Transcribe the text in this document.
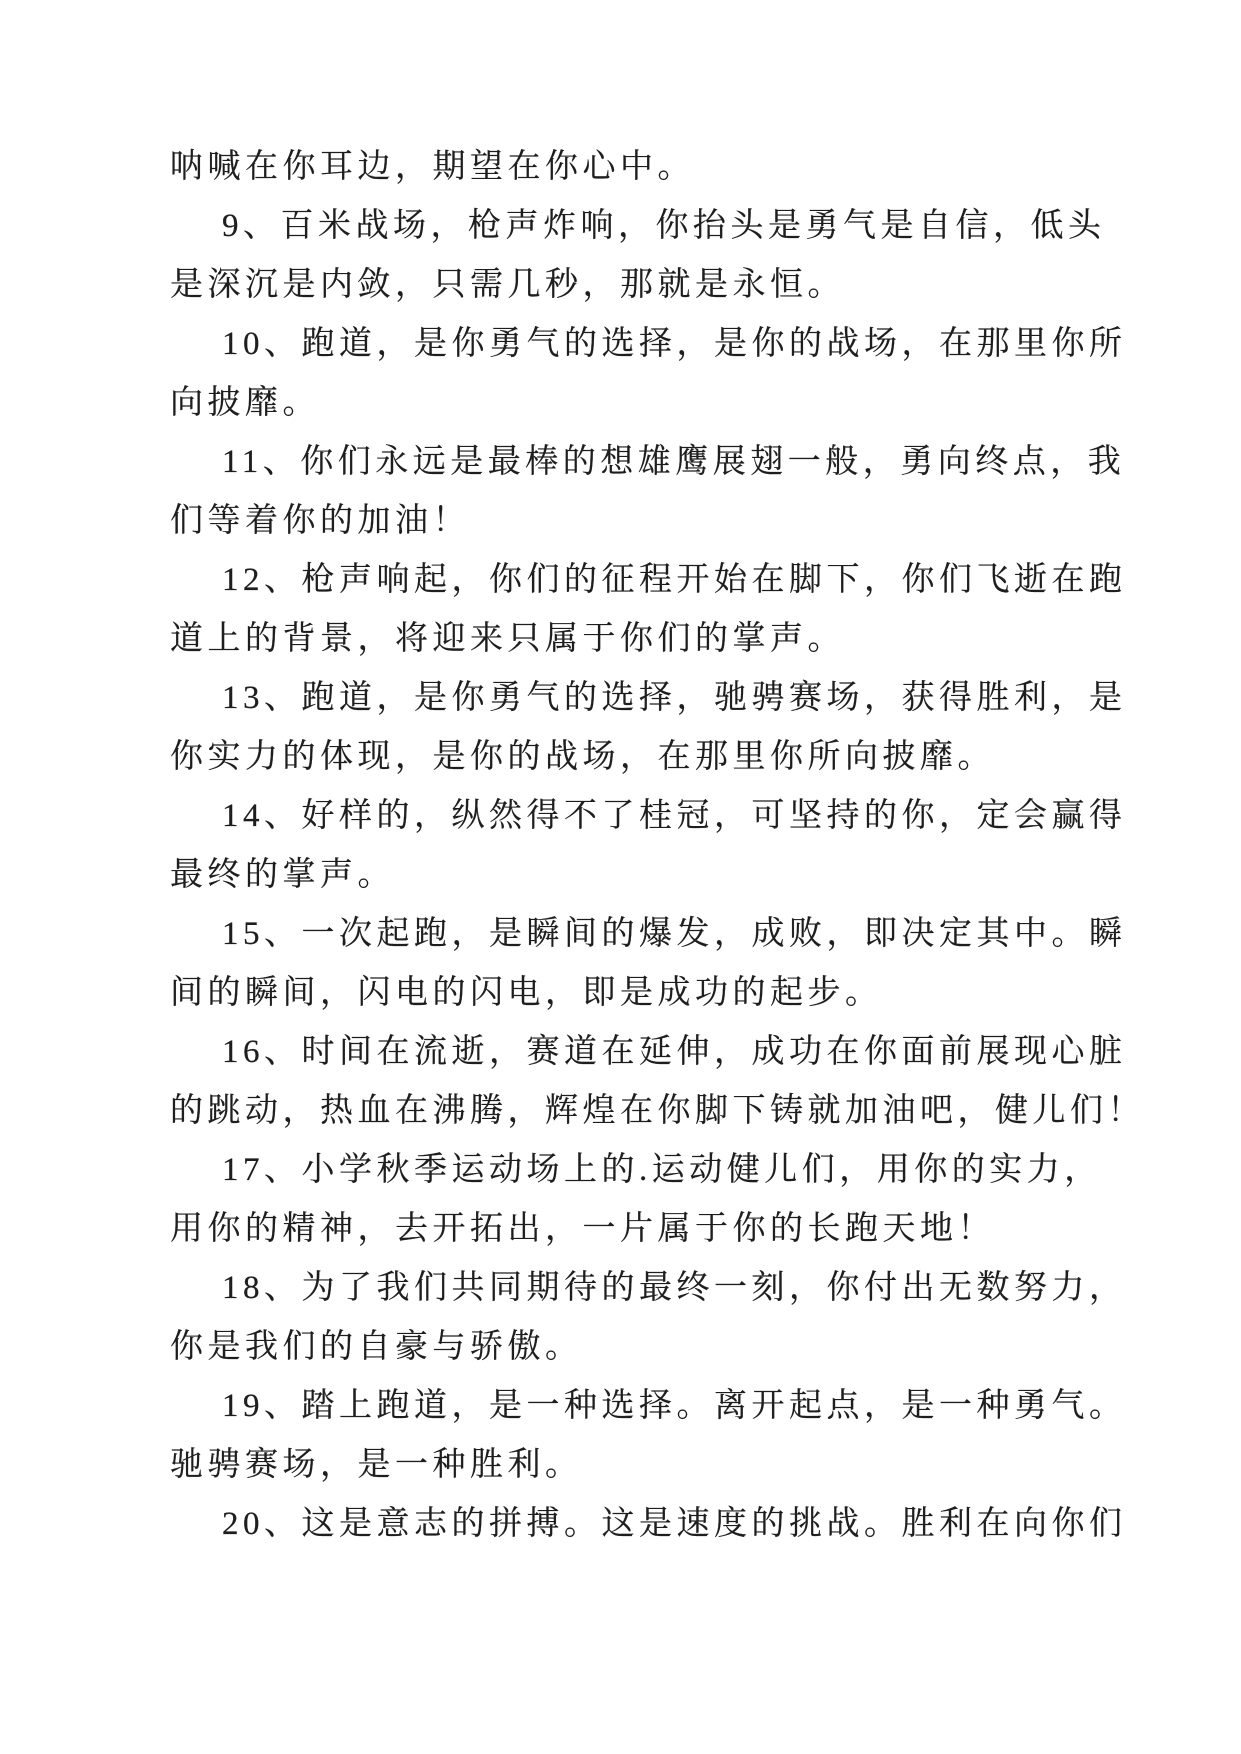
呐喊在你耳边，期望在你心中。
9、百米战场，枪声炸响，你抬头是勇气是自信，低头
是深沉是内敛，只需几秒，那就是永恒。
10、跑道，是你勇气的选择，是你的战场，在那里你所
向披靡。
11、你们永远是最棒的想雄鹰展翅一般，勇向终点，我
们等着你的加油！
12、枪声响起，你们的征程开始在脚下，你们飞逝在跑
道上的背景，将迎来只属于你们的掌声。
13、跑道，是你勇气的选择，驰骋赛场，获得胜利，是
你实力的体现，是你的战场，在那里你所向披靡。
14、好样的，纵然得不了桂冠，可坚持的你，定会赢得
最终的掌声。
15、一次起跑，是瞬间的爆发，成败，即决定其中。瞬
间的瞬间，闪电的闪电，即是成功的起步。
16、时间在流逝，赛道在延伸，成功在你面前展现心脏
的跳动，热血在沸腾，辉煌在你脚下铸就加油吧，健儿们！
17、小学秋季运动场上的.运动健儿们，用你的实力，
用你的精神，去开拓出，一片属于你的长跑天地！
18、为了我们共同期待的最终一刻，你付出无数努力，
你是我们的自豪与骄傲。
19、踏上跑道，是一种选择。离开起点，是一种勇气。
驰骋赛场，是一种胜利。
20、这是意志的拼搏。这是速度的挑战。胜利在向你们
